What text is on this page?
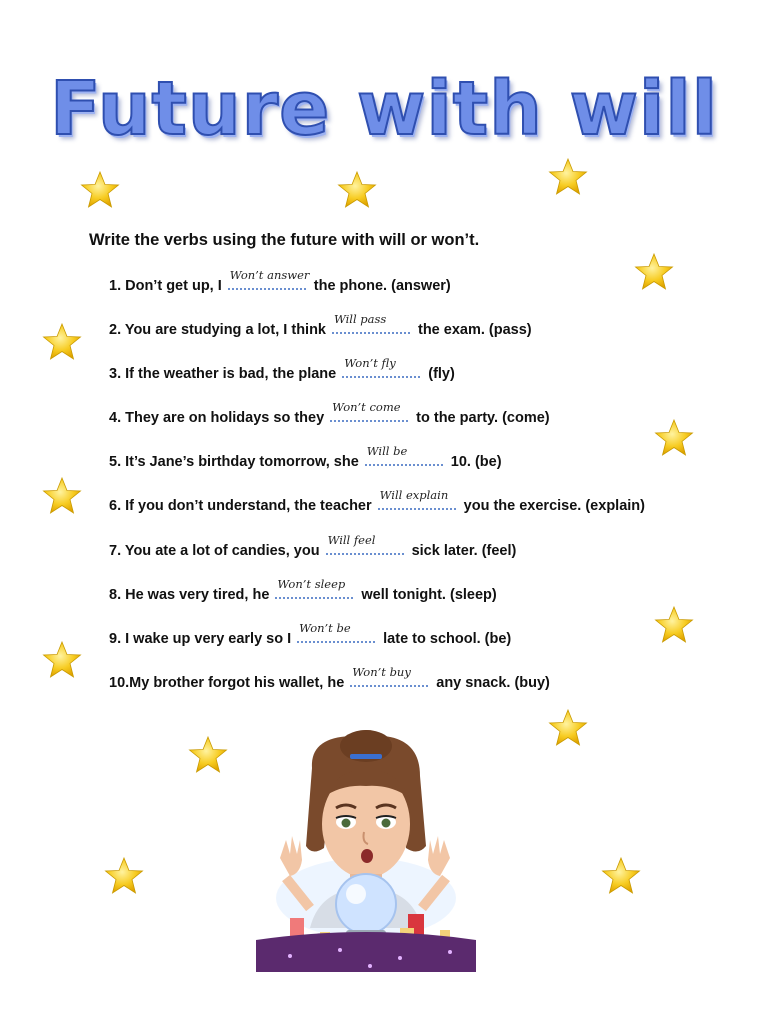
Future with will
Write the verbs using the future with will or won’t.
1. Don’t get up, I
Won’t answer
the phone. (answer)
2. You are studying a lot, I think
Will pass
the exam. (pass)
3. If the weather is bad, the plane
Won’t fly
(fly)
4. They are on holidays so they
Won’t come
to the party. (come)
5. It’s Jane’s birthday tomorrow, she
Will be
10. (be)
6. If you don’t understand, the teacher
Will explain
you the exercise. (explain)
7. You ate a lot of candies, you
Will feel
sick later. (feel)
8. He was very tired, he
Won’t sleep
well tonight. (sleep)
9. I wake up very early so I
Won’t be
late to school. (be)
10.My brother forgot his wallet, he
Won’t buy
any snack. (buy)
